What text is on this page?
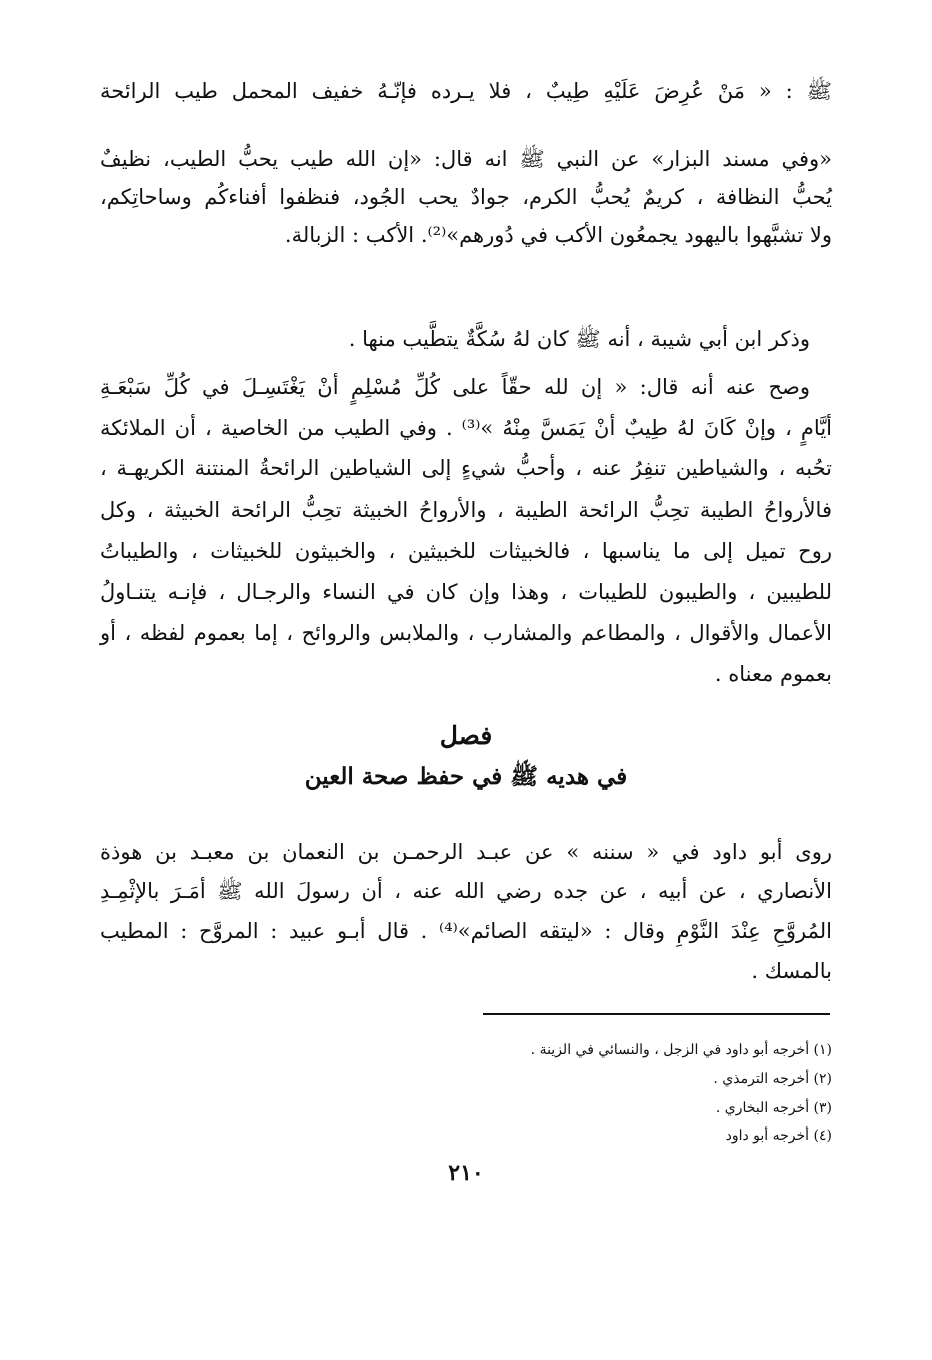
ﷺ : « مَنْ عُرِضَ عَلَيْهِ طِيبٌ ، فلا يـرده فإنّـهُ خفيف المحمل طيب الرائحة
«وفي مسند البزار» عن النبي ﷺ انه قال: «إن الله طيب يحبُّ الطيب، نظيفٌ
يُحبُّ النظافة ، كريمٌ يُحبُّ الكرم، جوادٌ يحب الجُود، فنظفوا أفناءكُم وساحاتِكم،
ولا تشبَّهوا باليهود يجمعُون الأكب في دُورهم»⁽²⁾. الأكب : الزبالة.
وذكر ابن أبي شيبة ، أنه ﷺ كان لهُ سُكَّةٌ يتطَّيب منها .
وصح عنه أنه قال: « إن لله حقّاً على كُلِّ مُسْلِمٍ أنْ يَغْتَسِـلَ في كُلِّ سَبْعَـةِ
أيَّامٍ ، وإنْ كَانَ لهُ طِيبٌ أنْ يَمَسَّ مِنْهُ »⁽³⁾ . وفي الطيب من الخاصية ، أن الملائكة
تحُبه ، والشياطين تنفِرُ عنه ، وأحبُّ شيءٍ إلى الشياطين الرائحةُ المنتنة الكريهـة ،
فالأرواحُ الطيبة تحِبُّ الرائحة الطيبة ، والأرواحُ الخبيثة تحِبُّ الرائحة الخبيثة ، وكل
روح تميل إلى ما يناسبها ، فالخبيثات للخبيثين ، والخبيثون للخبيثات ، والطيباتُ
للطيبين ، والطيبون للطيبات ، وهذا وإن كان في النساء والرجـال ، فإنـه يتنـاولُ
الأعمال والأقوال ، والمطاعم والمشارب ، والملابس والروائح ، إما بعموم لفظه ، أو
بعموم معناه .
فصل
في هديه ﷺ في حفظ صحة العين
روى أبو داود في « سننه » عن عبـد الرحمـن بن النعمان بن معبـد بن هوذة
الأنصاري ، عن أبيه ، عن جده رضي الله عنه ، أن رسولَ الله ﷺ أمَـرَ بالإثْمِـدِ
المُروَّحِ عِنْدَ النَّوْمِ وقال : «ليتقه الصائم»⁽⁴⁾ . قال أبـو عبيد : المروَّح : المطيب
بالمسك .
(١) أخرجه أبو داود في الزجل ، والنسائي في الزينة .
(٢) أخرجه الترمذي .
(٣) أخرجه البخاري .
(٤) أخرجه أبو داود
٢١٠
